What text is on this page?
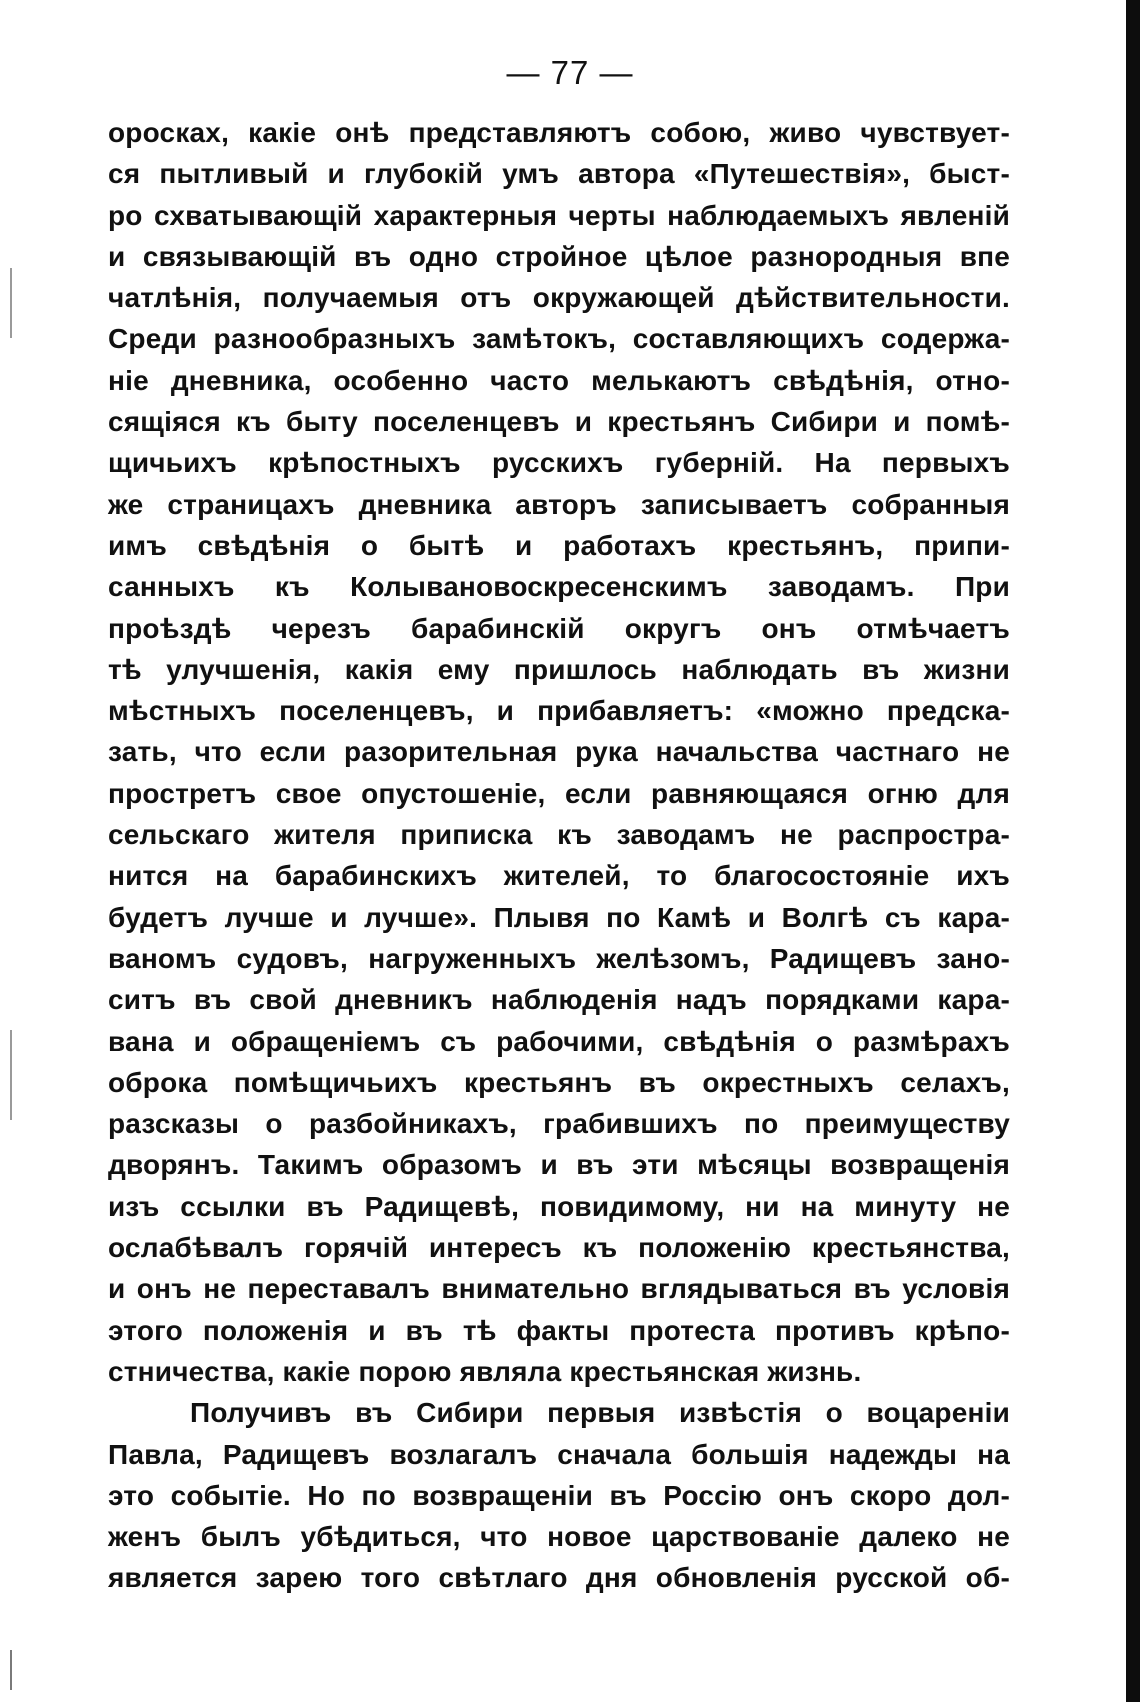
— 77 —
оросках, какiе онѣ представляютъ собою, живо чувствует-
ся пытливый и глубокiй умъ автора «Путешествiя», быст-
ро схватывающiй характерныя черты наблюдаемыхъ явленiй
и связывающiй въ одно стройное цѣлое разнородныя впе
чатлѣнiя, получаемыя отъ окружающей дѣйствительности.
Среди разнообразныхъ замѣтокъ, составляющихъ содержа-
нiе дневника, особенно часто мелькаютъ свѣдѣнiя, отно-
сящiяся къ быту поселенцевъ и крестьянъ Сибири и помѣ-
щичьихъ крѣпостныхъ русскихъ губернiй. На первыхъ
же страницахъ дневника авторъ записываетъ собранныя
имъ свѣдѣнiя о бытѣ и работахъ крестьянъ, припи-
санныхъ къ Колывановоскресенскимъ заводамъ. При
проѣздѣ черезъ барабинскiй округъ онъ отмѣчаетъ
тѣ улучшенiя, какiя ему пришлось наблюдать въ жизни
мѣстныхъ поселенцевъ, и прибавляетъ: «можно предска-
зать, что если разорительная рука начальства частнаго не
простретъ свое опустошенiе, если равняющаяся огню для
сельскаго жителя приписка къ заводамъ не распростра-
нится на барабинскихъ жителей, то благосостоянiе ихъ
будетъ лучше и лучше». Плывя по Камѣ и Волгѣ съ кара-
ваномъ судовъ, нагруженныхъ желѣзомъ, Радищевъ зано-
ситъ въ свой дневникъ наблюденiя надъ порядками кара-
вана и обращенiемъ съ рабочими, свѣдѣнiя о размѣрахъ
оброка помѣщичьихъ крестьянъ въ окрестныхъ селахъ,
разсказы о разбойникахъ, грабившихъ по преимуществу
дворянъ. Такимъ образомъ и въ эти мѣсяцы возвращенiя
изъ ссылки въ Радищевѣ, повидимому, ни на минуту не
ослабѣвалъ горячiй интересъ къ положенiю крестьянства,
и онъ не переставалъ внимательно вглядываться въ условiя
этого положенiя и въ тѣ факты протеста противъ крѣпо-
стничества, какiе порою являла крестьянская жизнь.
Получивъ въ Сибири первыя извѣстiя о воцаренiи
Павла, Радищевъ возлагалъ сначала большiя надежды на
это событiе. Но по возвращенiи въ Россiю онъ скоро дол-
женъ былъ убѣдиться, что новое царствованiе далеко не
является зарею того свѣтлаго дня обновленiя русской об-
